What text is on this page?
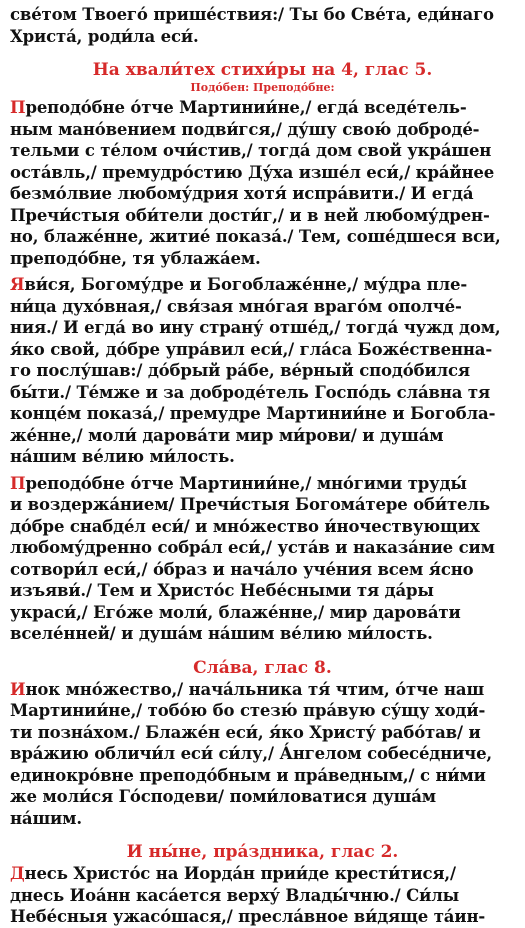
све́том Твоего́ прише́ствия:/ Ты бо Све́та, еди́наго
Христа́, роди́ла еси́.

На хвали́тех стихи́ры на 4, глас 5.
Подо́бен: Преподо́бне:

Преподо́бне о́тче Мартинии́не,/ егда́ вседе́тель-
ным мано́вением подви́гся,/ ду́шу свою́ доброде́-
тельми с те́лом очи́стив,/ тогда́ дом свой укра́шен
оста́вль,/ премудро́стию Ду́ха изше́л еси́,/ кра́йнее
безмо́лвие любому́дрия хотя́ испра́вити./ И егда́
Пречи́стыя оби́тели дости́г,/ и в ней любому́дрен-
но, блаже́нне, житие́ показа́./ Тем, соше́дшеся вси,
преподо́бне, тя ублажа́ем.

Яви́ся, Богому́дре и Богоблаже́нне,/ му́дра пле-
ни́ца духо́вная,/ свя́зая мно́гая враго́м ополче́-
ния./ И егда́ во ину страну́ отше́д,/ тогда́ чужд дом,
я́ко свой, до́бре упра́вил еси́,/ гла́са Боже́ственна-
го послу́шав:/ до́брый ра́бе, ве́рный сподо́бился
бы́ти./ Те́мже и за доброде́тель Госпо́дь сла́вна тя
конце́м показа́,/ премудре Мартинии́не и Богобла-
же́нне,/ моли́ дарова́ти мир ми́рови/ и душа́м
на́шим ве́лию ми́лость.

Преподо́бне о́тче Мартинии́не,/ мно́гими труды́
и воздержа́нием/ Пречи́стыя Богома́тере оби́тель
до́бре снабде́л еси́/ и мно́жество и́ночествующих
любому́дренно собра́л еси́,/ уста́в и наказа́ние сим
сотвори́л еси́,/ о́браз и нача́ло уче́ния всем я́сно
изъяви́./ Тем и Христо́с Небе́сными тя да́ры
украси́,/ Его́же моли́, блаже́нне,/ мир дарова́ти
вселе́нней/ и душа́м на́шим ве́лию ми́лость.

Сла́ва, глас 8.

Инок мно́жество,/ нача́льника тя́ чтим, о́тче наш
Мартинии́не,/ тобо́ю бо стезю́ пра́вую су́щу ходи́-
ти позна́хом./ Блаже́н еси́, я́ко Христу́ рабо́тав/ и
вра́жию обличи́л еси́ си́лу,/ А́нгелом собесе́дниче,
единокро́вне преподо́бным и пра́ведным,/ с ни́ми
же моли́ся Го́сподеви/ поми́ловатися душа́м
на́шим.

И ны́не, пра́здника, глас 2.

Днесь Христо́с на Иорда́н прии́де крести́тися,/
днесь Иоа́нн каса́ется верху́ Влады́чню./ Си́лы
Небе́сныя ужасо́шася,/ пресла́вное ви́дяще та́ин-
